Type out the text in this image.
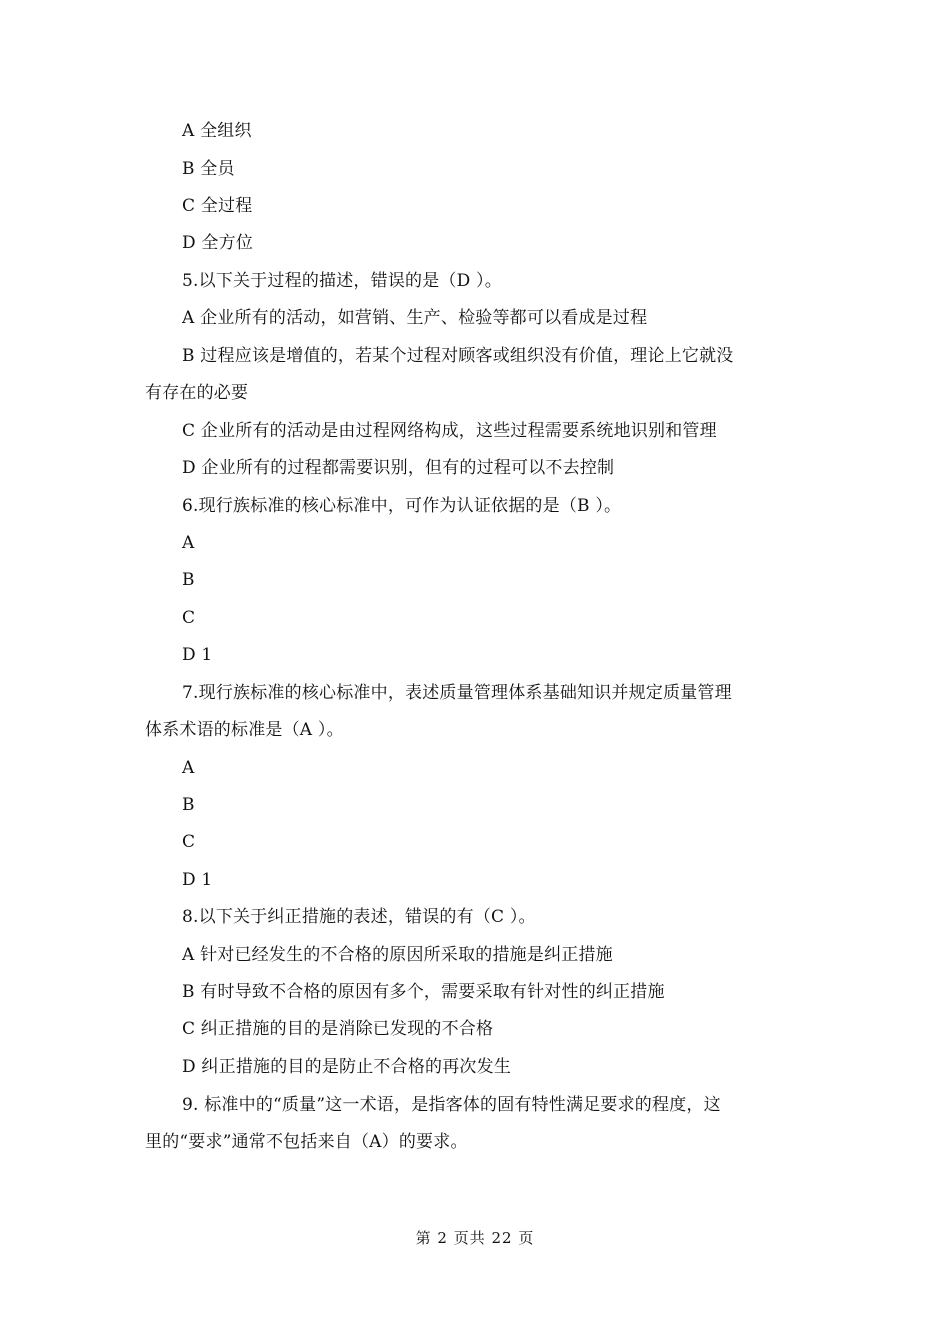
A 全组织
B 全员
C 全过程
D 全方位
5.以下关于过程的描述，错误的是（D ）。
A 企业所有的活动，如营销、生产、检验等都可以看成是过程
B 过程应该是增值的，若某个过程对顾客或组织没有价值，理论上它就没
有存在的必要
C 企业所有的活动是由过程网络构成，这些过程需要系统地识别和管理
D 企业所有的过程都需要识别，但有的过程可以不去控制
6.现行族标准的核心标准中，可作为认证依据的是（B ）。
A
B
C
D 1
7.现行族标准的核心标准中，表述质量管理体系基础知识并规定质量管理
体系术语的标准是（A ）。
A
B
C
D 1
8.以下关于纠正措施的表述，错误的有（C ）。
A 针对已经发生的不合格的原因所采取的措施是纠正措施
B 有时导致不合格的原因有多个，需要采取有针对性的纠正措施
C 纠正措施的目的是消除已发现的不合格
D 纠正措施的目的是防止不合格的再次发生
9. 标准中的“质量”这一术语，是指客体的固有特性满足要求的程度，这
里的“要求”通常不包括来自（A）的要求。
第 2 页共 22 页
